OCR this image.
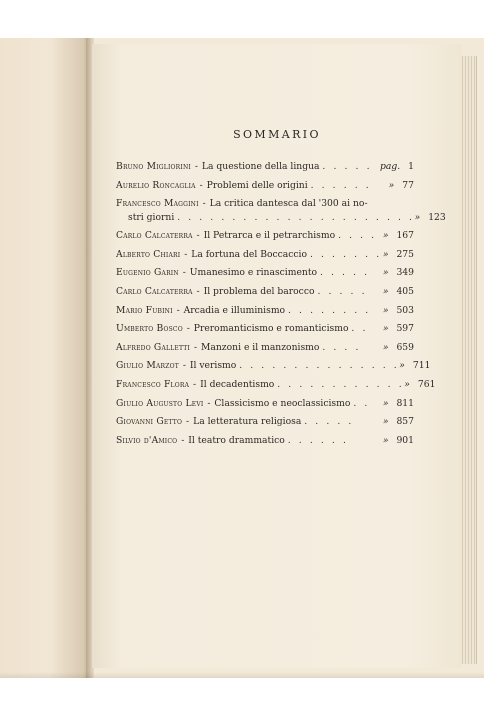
SOMMARIO
Bruno Migliorini - La questione della lingua . . . . . pag. 1
Aurelio Roncaglia - Problemi delle origini . . . . . .	» 77
Francesco Maggini - La critica dantesca dal '300 ai no-
stri giorni . . . . . . . . . . . . . . . . . . . . . . » 123
Carlo Calcaterra - Il Petrarca e il petrarchismo . . . . » 167
Alberto Chiari - La fortuna del Boccaccio . . . . . . . » 275
Eugenio Garin - Umanesimo e rinascimento . . . . .	» 349
Carlo Calcaterra - Il problema del barocco . . . . .	» 405
Mario Fubini - Arcadia e illuminismo . . . . . . . .	» 503
Umberto Bosco - Preromanticismo e romanticismo . .	» 597
Alfredo Galletti - Manzoni e il manzonismo . . . .	» 659
Giulio Marzot - Il verismo . . . . . . . . . . . . . . . » 711
Francesco Flora - Il decadentismo . . . . . . . . . . . . » 761
Giulio Augusto Levi - Classicismo e neoclassicismo . .	» 811
Giovanni Getto - La letteratura religiosa . . . . .	» 857
Silvio d'Amico - Il teatro drammatico . . . . . .	» 901
